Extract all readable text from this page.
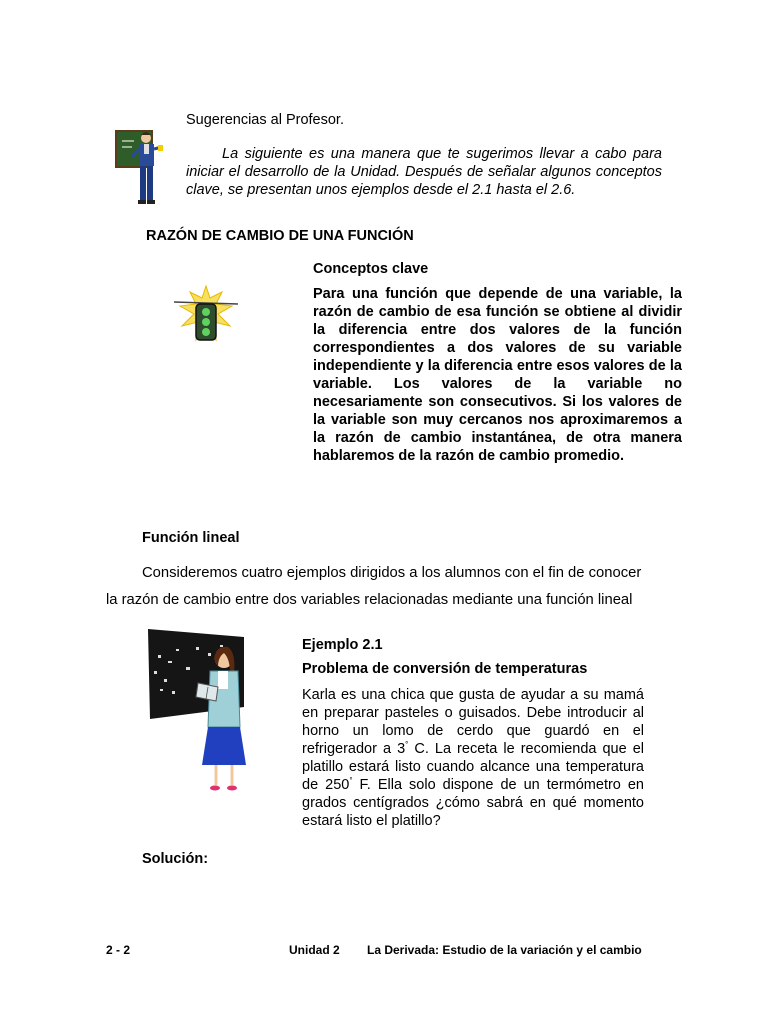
Sugerencias al Profesor.

La siguiente es una manera que te sugerimos llevar a cabo para iniciar el desarrollo de la Unidad. Después de señalar algunos conceptos clave, se presentan unos ejemplos desde el 2.1 hasta el 2.6.

RAZÓN DE CAMBIO DE UNA FUNCIÓN
Conceptos clave

Para una función que depende de una variable, la razón de cambio de esa función se obtiene al dividir la diferencia entre dos valores de la función correspondientes a dos valores de su variable independiente y la diferencia entre esos valores de la variable. Los valores de la variable no necesariamente son consecutivos. Si los valores de la variable son muy cercanos nos aproximaremos a la razón de cambio instantánea, de otra manera hablaremos de la razón de cambio promedio.

Función lineal
Consideremos cuatro ejemplos dirigidos a los alumnos con el fin de conocer
la razón de cambio entre dos variables relacionadas mediante una función lineal
Ejemplo 2.1
Problema de conversión de temperaturas

Karla es una chica que gusta de ayudar a su mamá en preparar pasteles o guisados. Debe introducir al horno un lomo de cerdo que guardó en el refrigerador a 3° C. La receta le recomienda que el platillo estará listo cuando alcance una temperatura de 250° F. Ella solo dispone de un termómetro en grados centígrados ¿cómo sabrá en qué momento estará listo el platillo?

Solución:
2 - 2	Unidad 2 La Derivada: Estudio de la variación y el cambio
